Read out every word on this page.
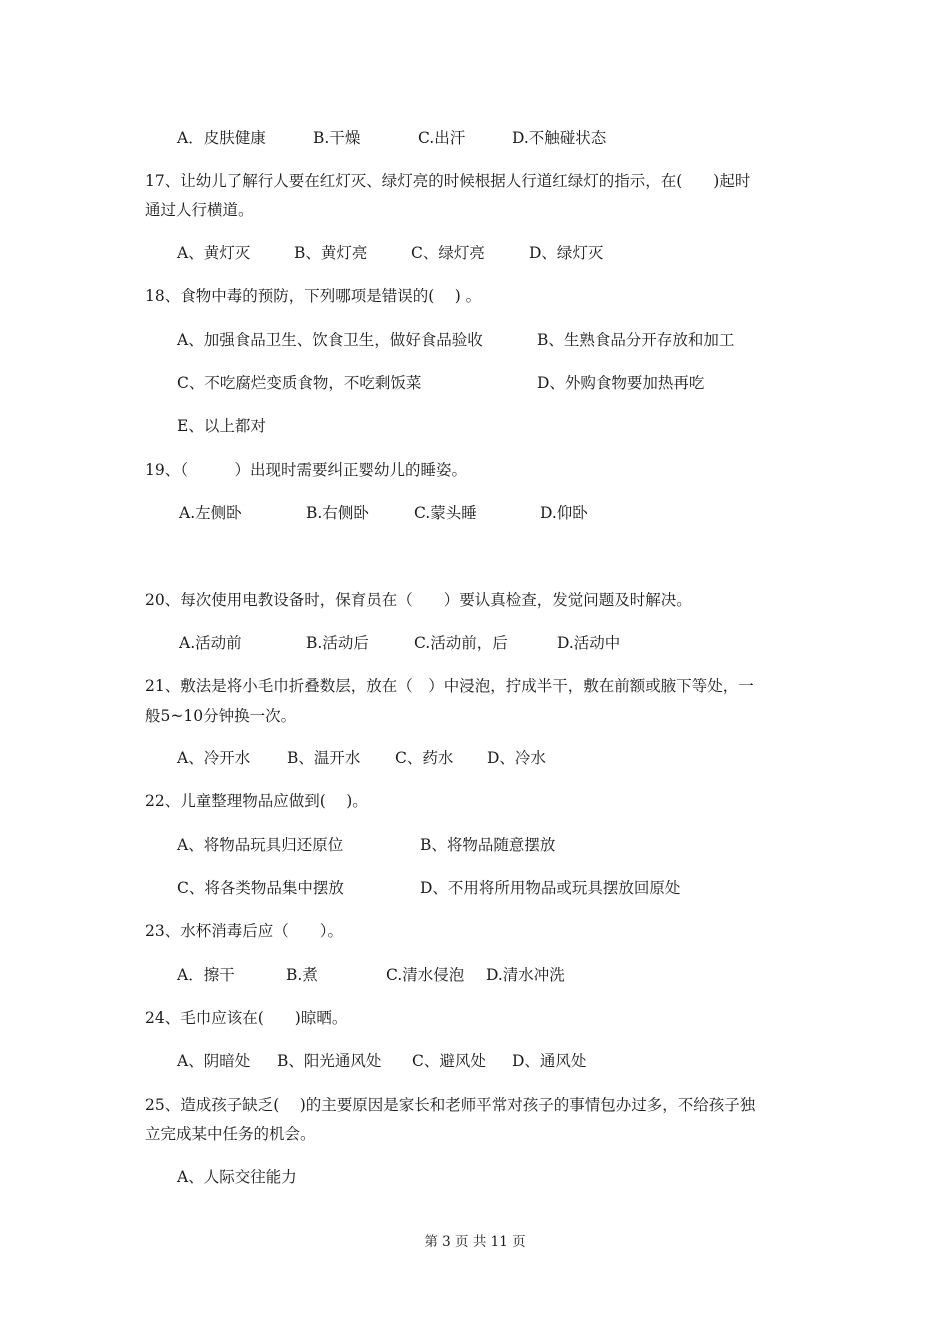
A．皮肤健康	B.干燥	C.出汗	D.不触碰状态
17、让幼儿了解行人要在红灯灭、绿灯亮的时候根据人行道红绿灯的指示，在(　　)起时
通过人行横道。
A、黄灯灭	B、黄灯亮	C、绿灯亮	D、绿灯灭
18、食物中毒的预防，下列哪项是错误的(　 ) 。
A、加强食品卫生、饮食卫生，做好食品验收	B、生熟食品分开存放和加工
C、不吃腐烂变质食物，不吃剩饭菜	D、外购食物要加热再吃
E、以上都对
19、（　　　）出现时需要纠正婴幼儿的睡姿。
A.左侧卧	B.右侧卧	C.蒙头睡	D.仰卧
20、每次使用电教设备时，保育员在（　　）要认真检查，发觉问题及时解决。
A.活动前	B.活动后	C.活动前，后	D.活动中
21、敷法是将小毛巾折叠数层，放在（　）中浸泡，拧成半干，敷在前额或腋下等处，一
般5~10分钟换一次。
A、冷开水 B、温开水 C、药水 D、冷水
22、儿童整理物品应做到(　 )。
A、将物品玩具归还原位	B、将物品随意摆放
C、将各类物品集中摆放	D、不用将所用物品或玩具摆放回原处
23、水杯消毒后应（　　）。
A．擦干	B.煮	C.清水侵泡 D.清水冲洗
24、毛巾应该在(　　)晾晒。
A、阴暗处 B、阳光通风处 C、避风处 D、通风处
25、造成孩子缺乏(　 )的主要原因是家长和老师平常对孩子的事情包办过多，不给孩子独
立完成某中任务的机会。
A、人际交往能力
第 3 页 共 11 页
